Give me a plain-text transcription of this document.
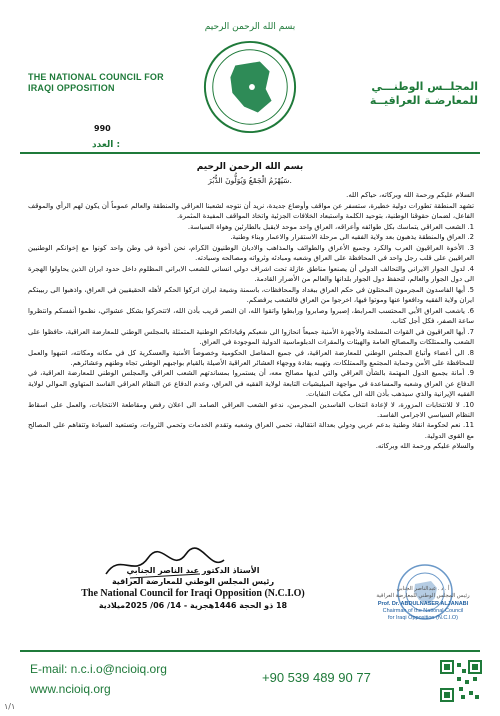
بسم الله الرحمن الرحيم
THE NATIONAL COUNCIL FOR
IRAQI OPPOSITION
990
العدد :
المجلــس الوطنـــي
للمعارضـة العراقيــة
بسم الله الرحمن الرحيم
سَيُهْزَمُ الْجَمْعُ وَيُوَلُّونَ الدُّبُرَ.

السلام عليكم ورحمة الله وبركاته، حياكم الله.

تشهد المنطقة تطورات دولية خطيرة، ستسفر عن مواقف وأوضاع جديدة، نريد أن نتوجه لشعبنا العراقي والمنطقة والعالم عموماً أن يكون لهم الرأي والموقف الفاعل، لضمان حقوقنا الوطنية، بتوحيد الكلمة واستبعاد الخلافات الجزئية واتخاذ المواقف المفيدة المثمرة.

1. الشعب العراقي يتماسك بكل طوائفه وأعراقه، العراق واحد موحد لايقبل بالطارئين وهواة السياسة.

2. العراق والمنطقة يذهبون بعد ولاية الفقيه الى مرحلة الاستقرار والاعمار وبناء وطنية.

3. الأخوة العراقيون العرب والكرد وجميع الأعراق والطوائف والمذاهب والاديان الوطنيون الكرام، نحن أخوة في وطن واحد كونوا مع إخوانكم الوطنيين العراقيين على قلب رجل واحد في المحافظة على العراق وشعبه ومبادئه وثرواته ومصالحه وسيادته.

4. لدول الجوار الايراني والتحالف الدولي أن يصنعوا مناطق عازلة تحت اشراف دولي انساني للشعب الايراني المظلوم داخل حدود ايران الذين يحاولوا الهجرة الى دول الجوار والعالم، لتحفظ دول الجوار بلدانها والعالم من الأضرار القادمة.

5. أيها الفاسدون المجرمون المحتلون في حكم العراق ببغداد والمحافظات، باسمنة وشيعة ايران اتركوا الحكم لأهله الحقيقيين في العراق، واذهبوا الى ربيبتكم ايران ولاية الفقيه ودافعوا عنها وموتوا فيها، اخرجوا من العراق فالشعب يرفضكم.

6. ياشعب العراق الأبي المحتسب المرابط، إصبروا وصابروا ورابطوا واتقوا الله، ان النصر قريب بأذن الله، لاتتحركوا بشكل عشوائي، نظموا أنفسكم وانتظروا ساعة الصفر، فكل أجل كتاب.

7. أيها العراقيون في القوات المسلحة والأجهزة الأمنية جميعاً انحازوا الى شعبكم وقياداتكم الوطنية المتمثلة بالمجلس الوطني للمعارضة العراقية، حافظوا على الشعب والممتلكات والمصالح العامة والهيئات والمقرات الدبلوماسية الدولية الموجودة في العراق.

8. الى أعضاء وأتباع المجلس الوطني للمعارضة العراقية، في جميع المفاصل الحكومية وخصوصاً الأمنية والعسكرية كل في مكانه ومكانته، انتبهوا والعمل للمحافظة على الأمن وحماية المجتمع والممتلكات، وتهيبه بقادة ووجهاء العشائر العراقية الأصيلة بالقيام بواجبهم الوطني تجاه وطنهم وعشائرهم.

9. أمانة بجميع الدول المهتمة بالشأن العراقي والتي لديها مصالح معه، أن يستمروا بمساندتهم الشعب العراقي والمجلس الوطني للمعارضة العراقية، في الدفاع عن العراق وشعبه والمساعدة في مواجهة الميليشيات التابعة لولاية الفقيه في العراق، وعدم الدفاع عن النظام العراقي الفاسد المتهاوي الموالي لولاية الفقيه الإيرانية والذي سيذهب بأذن الله الى مكبات النفايات.

10. لا للانتخابات المزورة، لا لإعادة انتخاب الفاسدين المجرمين، ندعو الشعب العراقي الصامد الى اعلان رفض ومقاطعة الانتخابات، والعمل على اسقاط النظام السياسي الاجرامي الفاسد.

11. نعم لحكومة انقاذ وطنية بدعم عربي ودولي بعدالة انتقالية، تحمي العراق وشعبه وتقدم الخدمات وتحمي الثروات، وتستعيد السيادة وتتفاهم على المصالح مع القوى الدولية.

والسلام عليكم ورحمة الله وبركاته.

الأستاذ الدكتور عبد الناصر الجنابي
رئيس المجلس الوطني للمعارضة العراقية
The National Council for Iraqi Opposition (N.C.I.O)
18 ذو الحجة 1446هجرية - 14/ 06/ 2025ميلادية
أ . د . عبدالناصر الجنابي
رئيس المجلس الوطني للمعارضة العراقية
Prof. Dr. ABDULNASER ALJANABI
Chairman of the National Council
for Iraqi Opposition (N.C.I.O)
E-mail: n.c.i.o@ncioiq.org
www.ncioiq.org
+90 539 489 90 77
١/١
